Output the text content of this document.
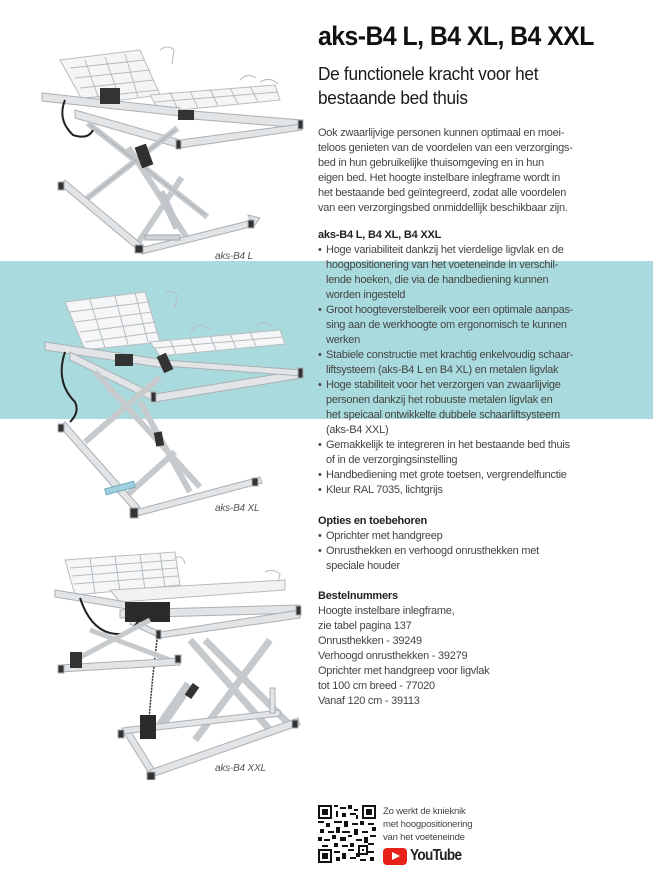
aks-B4 L
aks-B4 XL
aks-B4 XXL
aks-B4 L, B4 XL, B4 XXL
De functionele kracht voor het
bestaande bed thuis
Ook zwaarlijvige personen kunnen optimaal en moei-
teloos genieten van de voordelen van een verzorgings-
bed in hun gebruikelijke thuisomgeving en in hun
eigen bed. Het hoogte instelbare inlegframe wordt in
het bestaande bed geïntegreerd, zodat alle voordelen
van een verzorgingsbed onmiddellijk beschikbaar zijn.
aks-B4 L, B4 XL, B4 XXL
• Hoge variabiliteit dankzij het vierdelige ligvlak en de
hoogpositionering van het voeteneinde in verschil-
lende hoeken, die via de handbediening kunnen
worden ingesteld
• Groot hoogteverstelbereik voor een optimale aanpas-
sing aan de werkhoogte om ergonomisch te kunnen
werken
• Stabiele constructie met krachtig enkelvoudig schaar-
liftsysteem (aks-B4 L en B4 XL) en metalen ligvlak
• Hoge stabiliteit voor het verzorgen van zwaarlijvige
personen dankzij het robuuste metalen ligvlak en
het speicaal ontwikkelte dubbele schaarliftsysteem
(aks-B4 XXL)
• Gemakkelijk te integreren in het bestaande bed thuis
of in de verzorgingsinstelling
• Handbediening met grote toetsen, vergrendelfunctie
• Kleur RAL 7035, lichtgrijs
Opties en toebehoren
• Oprichter met handgreep
• Onrusthekken en verhoogd onrusthekken met
speciale houder
Bestelnummers
Hoogte instelbare inlegframe,
zie tabel pagina 137
Onrusthekken - 39249
Verhoogd onrusthekken - 39279
Oprichter met handgreep voor ligvlak
tot 100 cm breed - 77020
Vanaf 120 cm - 39113
Zo werkt de knieknik
met hoogpositionering
van het voeteneinde
YouTube
